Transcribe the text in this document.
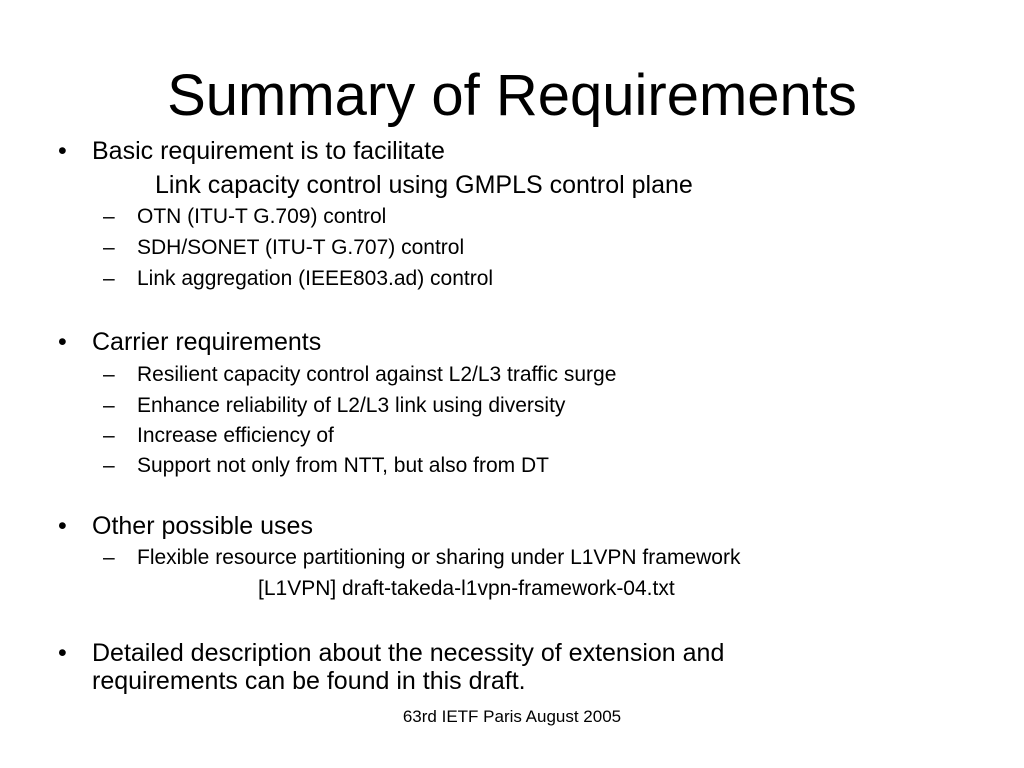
Summary of Requirements
• Basic requirement is to facilitate
Link capacity control using GMPLS control plane
– OTN (ITU-T G.709) control
– SDH/SONET (ITU-T G.707) control
– Link aggregation (IEEE803.ad) control
• Carrier requirements
– Resilient capacity control against L2/L3 traffic surge
– Enhance reliability of L2/L3 link using diversity
– Increase efficiency of
– Support not only from NTT, but also from DT
• Other possible uses
– Flexible resource partitioning or sharing under L1VPN framework
[L1VPN] draft-takeda-l1vpn-framework-04.txt
• Detailed description about the necessity of extension and
requirements can be found in this draft.
63rd IETF Paris August 2005
